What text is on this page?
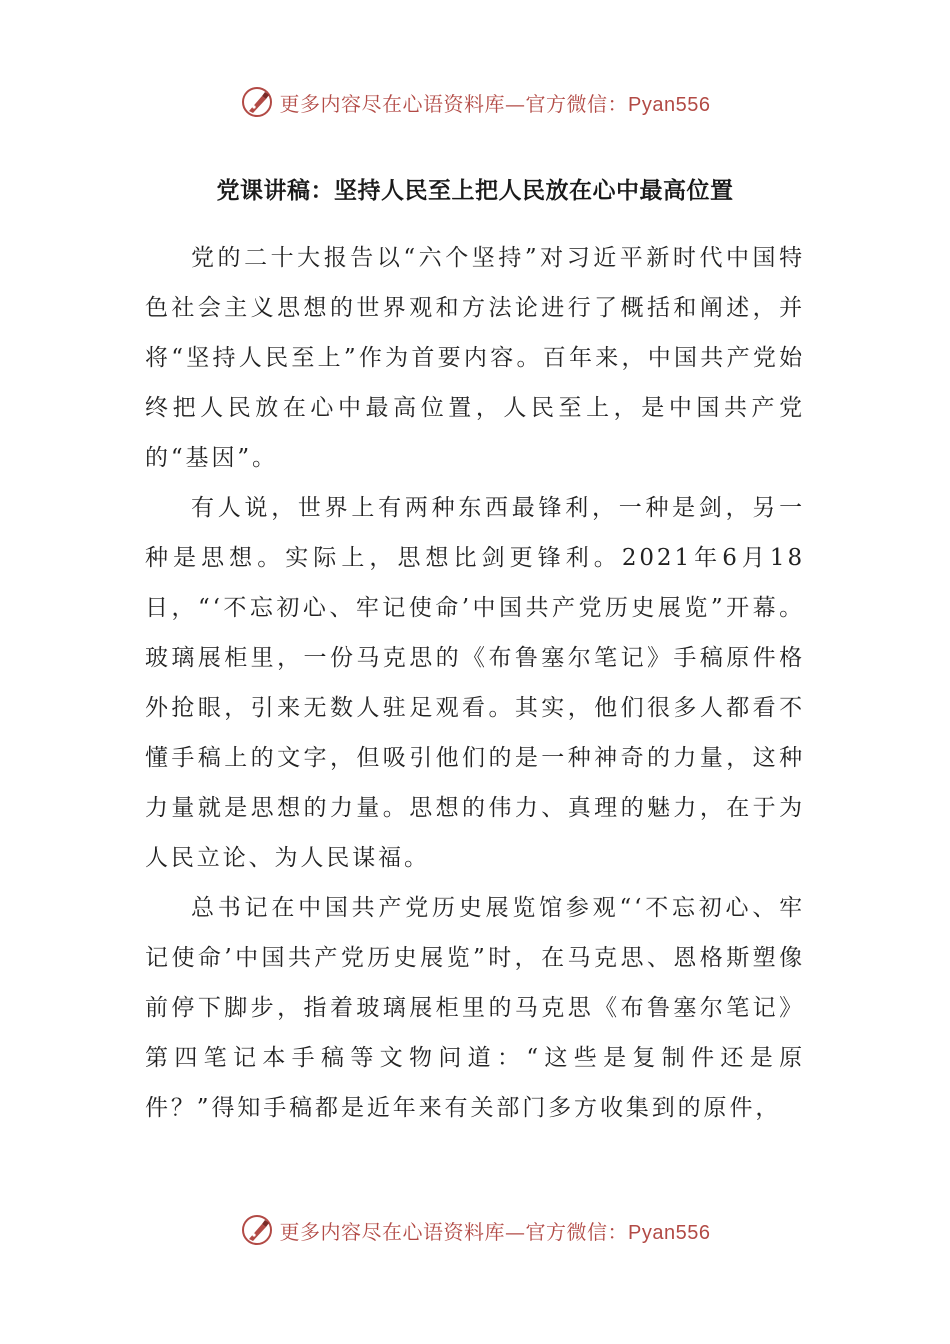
更多内容尽在心语资料库—官方微信：Pyan556
党课讲稿：坚持人民至上把人民放在心中最高位置

党的二十大报告以“六个坚持”对习近平新时代中国特色社会主义思想的世界观和方法论进行了概括和阐述，并将“坚持人民至上”作为首要内容。百年来，中国共产党始终把人民放在心中最高位置，人民至上，是中国共产党的“基因”。

有人说，世界上有两种东西最锋利，一种是剑，另一种是思想。实际上，思想比剑更锋利。2021年6月18日，“‘不忘初心、牢记使命’中国共产党历史展览”开幕。玻璃展柜里，一份马克思的《布鲁塞尔笔记》手稿原件格外抢眼，引来无数人驻足观看。其实，他们很多人都看不懂手稿上的文字，但吸引他们的是一种神奇的力量，这种力量就是思想的力量。思想的伟力、真理的魅力，在于为人民立论、为人民谋福。

总书记在中国共产党历史展览馆参观“‘不忘初心、牢记使命’中国共产党历史展览”时，在马克思、恩格斯塑像前停下脚步，指着玻璃展柜里的马克思《布鲁塞尔笔记》第四笔记本手稿等文物问道：“这些是复制件还是原件？”得知手稿都是近年来有关部门多方收集到的原件，

更多内容尽在心语资料库—官方微信：Pyan556
